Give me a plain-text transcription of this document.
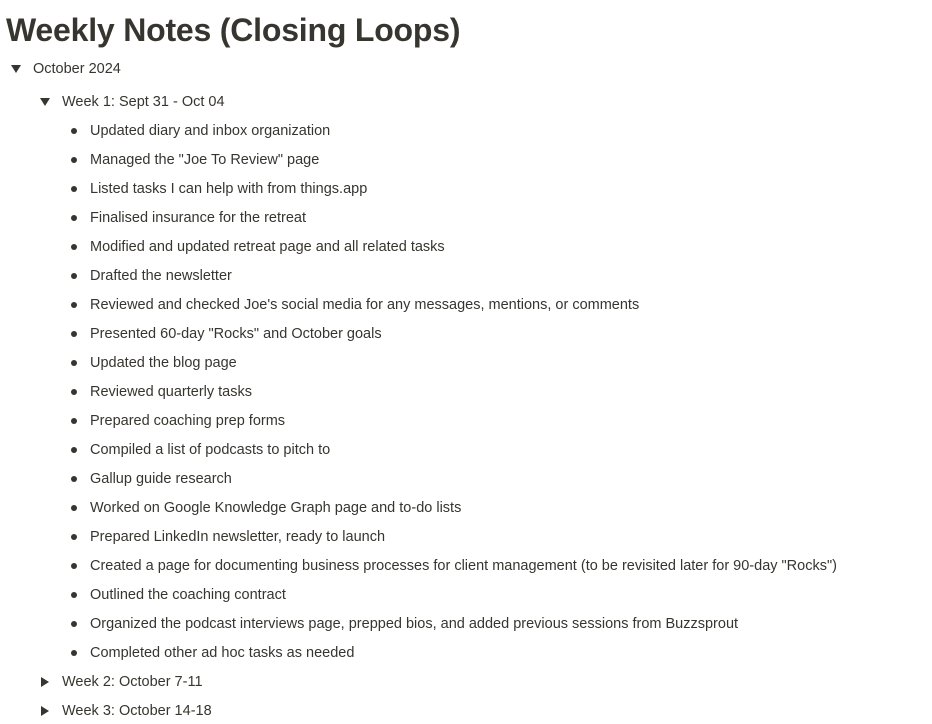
Weekly Notes (Closing Loops)
October 2024
Week 1: Sept 31 - Oct 04
Updated diary and inbox organization
Managed the "Joe To Review" page
Listed tasks I can help with from things.app
Finalised insurance for the retreat
Modified and updated retreat page and all related tasks
Drafted the newsletter
Reviewed and checked Joe's social media for any messages, mentions, or comments
Presented 60-day "Rocks" and October goals
Updated the blog page
Reviewed quarterly tasks
Prepared coaching prep forms
Compiled a list of podcasts to pitch to
Gallup guide research
Worked on Google Knowledge Graph page and to-do lists
Prepared LinkedIn newsletter, ready to launch
Created a page for documenting business processes for client management (to be revisited later for 90-day "Rocks")
Outlined the coaching contract
Organized the podcast interviews page, prepped bios, and added previous sessions from Buzzsprout
Completed other ad hoc tasks as needed
Week 2: October 7-11
Week 3: October 14-18
